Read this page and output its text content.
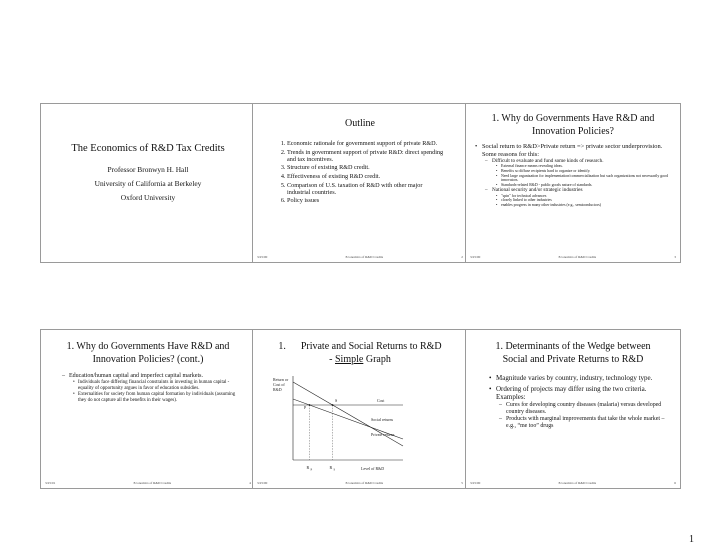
The Economics of R&D Tax Credits
Professor Bronwyn H. Hall
University of California at Berkeley
Oxford University
Outline
1. Economic rationale for government support of private R&D.
2. Trends in government support of private R&D: direct spending and tax incentives.
3. Structure of existing R&D credit.
4. Effectiveness of existing R&D credit.
5. Comparison of U.S. taxation of R&D with other major industrial countries.
6. Policy issues
3/25/00	Economics of R&D Credits	2
1. Why do Governments Have R&D and Innovation Policies?
• Social return to R&D>Private return => private sector underprovision. Some reasons for this:
– Difficult to evaluate and fund some kinds of research.
• External finance means revealing ideas.
• Benefits so diffuse recipients hard to organize or identify.
• Need large organization for implementation/commercialization but such organizations not necessarily good innovators.
• Standards-related R&D - public goods nature of standards.
– National security and/or strategic industries
• "spin" for technical advances
• closely linked to other industries
• enables progress in many other industries (e.g., semiconductors)
3/25/00	Economics of R&D Credits	3
1. Why do Governments Have R&D and Innovation Policies? (cont.)
– Education/human capital and imperfect capital markets.
• Individuals face differing financial constraints in investing in human capital - equality of opportunity argues in favor of education subsidies.
• Externalities for society from human capital formation by individuals (assuming they do not capture all the benefits in their wages).
3/25/01	Economics of R&D Credits	4
1. Private and Social Returns to R&D
- Simple Graph
Return or
Cost of
R&D
Cost
Social returns
Private returns
S
P
R P	R S	Level of R&D
3/25/00	Economics of R&D Credits	5
1. Determinants of the Wedge between Social and Private Returns to R&D
• Magnitude varies by country, industry, technology type.
• Ordering of projects may differ using the two criteria. Examples:
– Cures for developing country diseases (malaria) versus developed country diseases.
– Products with marginal improvements that take the whole market – e.g., “me too” drugs
3/25/00	Economics of R&D Credits	6
1
